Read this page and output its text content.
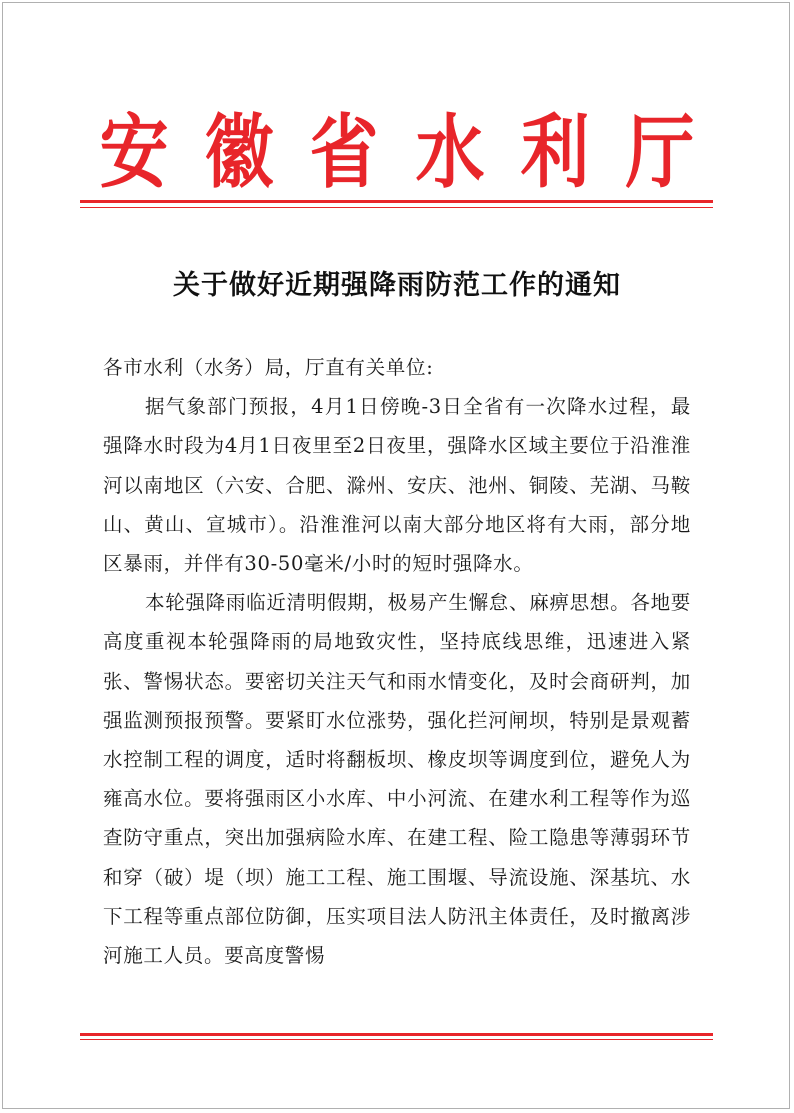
安 徽 省 水 利 厅
关于做好近期强降雨防范工作的通知

各市水利（水务）局，厅直有关单位:

据气象部门预报，4月1日傍晚-3日全省有一次降水过程，最强降水时段为4月1日夜里至2日夜里，强降水区域主要位于沿淮淮河以南地区（六安、合肥、滁州、安庆、池州、铜陵、芜湖、马鞍山、黄山、宣城市）。沿淮淮河以南大部分地区将有大雨，部分地区暴雨，并伴有30-50毫米/小时的短时强降水。

本轮强降雨临近清明假期，极易产生懈怠、麻痹思想。各地要高度重视本轮强降雨的局地致灾性，坚持底线思维，迅速进入紧张、警惕状态。要密切关注天气和雨水情变化，及时会商研判，加强监测预报预警。要紧盯水位涨势，强化拦河闸坝，特别是景观蓄水控制工程的调度，适时将翻板坝、橡皮坝等调度到位，避免人为雍高水位。要将强雨区小水库、中小河流、在建水利工程等作为巡查防守重点，突出加强病险水库、在建工程、险工隐患等薄弱环节和穿（破）堤（坝）施工工程、施工围堰、导流设施、深基坑、水下工程等重点部位防御，压实项目法人防汛主体责任，及时撤离涉河施工人员。要高度警惕
